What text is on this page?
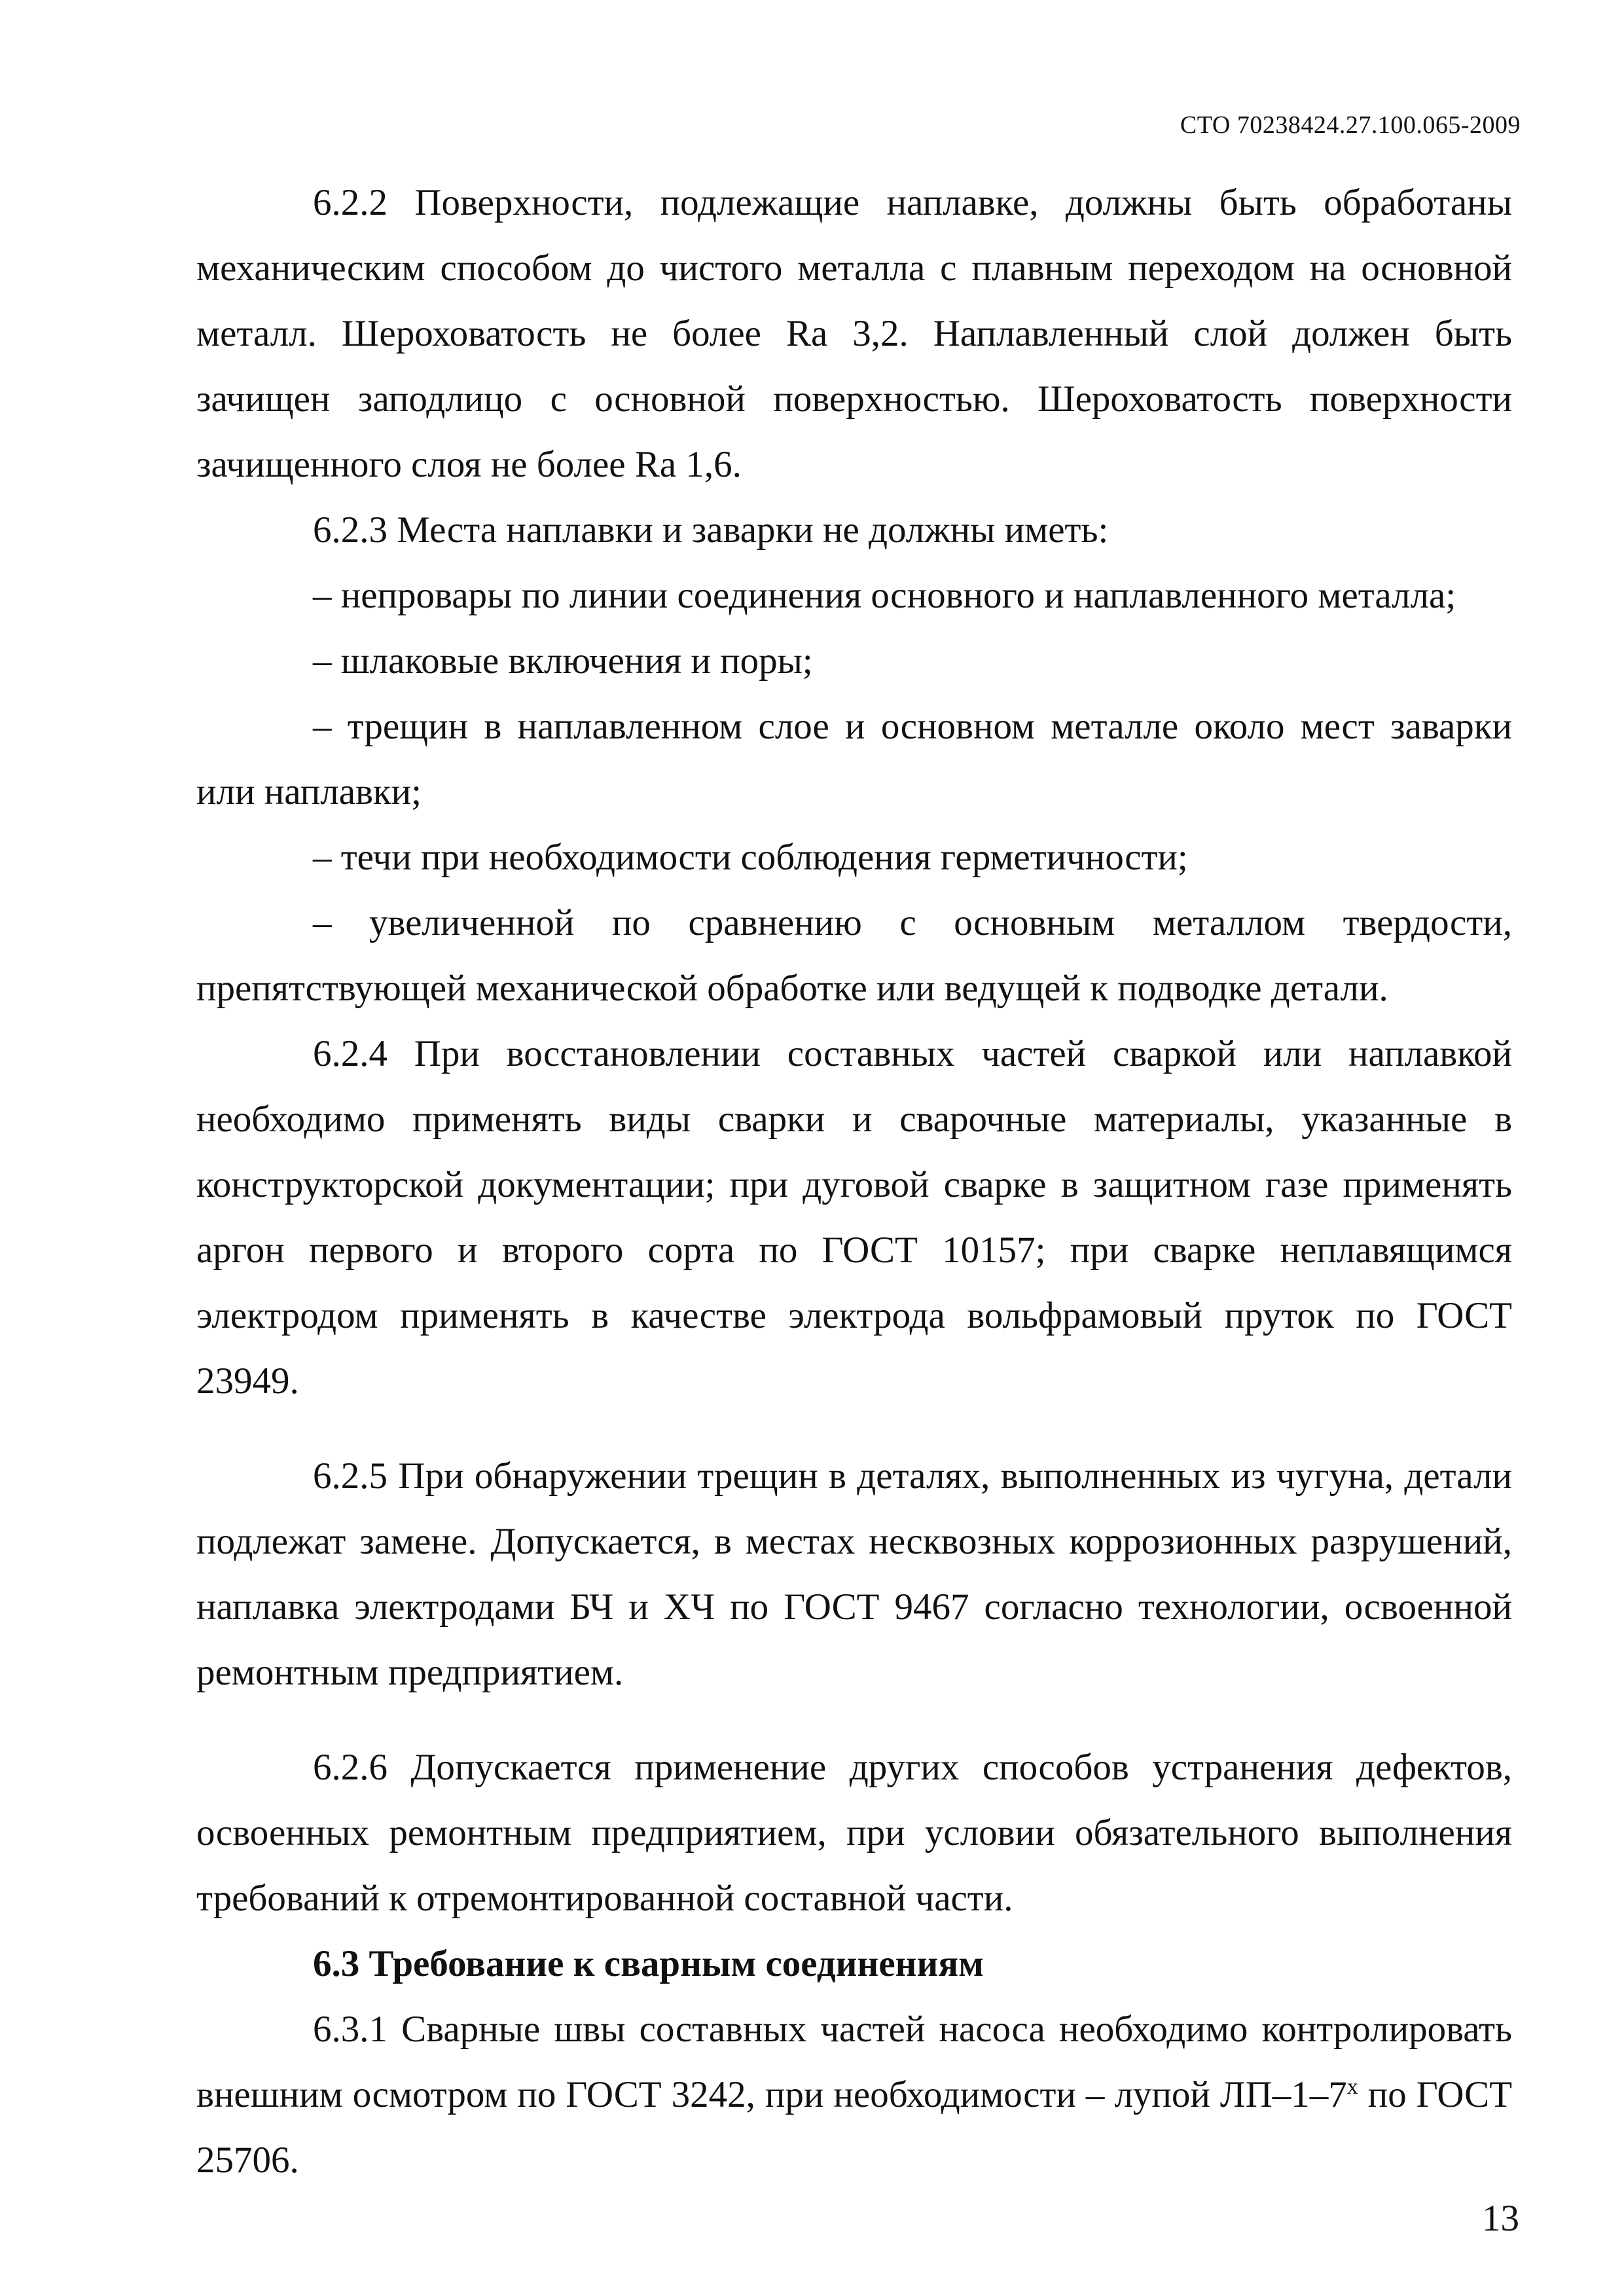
СТО 70238424.27.100.065-2009

6.2.2 Поверхности, подлежащие наплавке, должны быть обработаны механическим способом до чистого металла с плавным переходом на основной металл. Шероховатость не более Ra 3,2. Наплавленный слой должен быть зачищен заподлицо с основной поверхностью. Шероховатость поверхности зачищенного слоя не более Ra 1,6.

6.2.3 Места наплавки и заварки не должны иметь:

– непровары по линии соединения основного и наплавленного металла;

– шлаковые включения и поры;

– трещин в наплавленном слое и основном металле около мест заварки или наплавки;

– течи при необходимости соблюдения герметичности;

– увеличенной по сравнению с основным металлом твердости, препятствующей механической обработке или ведущей к подводке детали.

6.2.4 При восстановлении составных частей сваркой или наплавкой необходимо применять виды сварки и сварочные материалы, указанные в конструкторской документации; при дуговой сварке в защитном газе применять аргон первого и второго сорта по ГОСТ 10157; при сварке неплавящимся электродом применять в качестве электрода вольфрамовый пруток по ГОСТ 23949.

6.2.5 При обнаружении трещин в деталях, выполненных из чугуна, детали подлежат замене. Допускается, в местах несквозных коррозионных разрушений, наплавка электродами БЧ и ХЧ по ГОСТ 9467 согласно технологии, освоенной ремонтным предприятием.

6.2.6 Допускается применение других способов устранения дефектов, освоенных ремонтным предприятием, при условии обязательного выполнения требований к отремонтированной составной части.

6.3 Требование к сварным соединениям

6.3.1 Сварные швы составных частей насоса необходимо контролировать внешним осмотром по ГОСТ 3242, при необходимости – лупой $ЛП-1-7^х$ по ГОСТ 25706.

13
